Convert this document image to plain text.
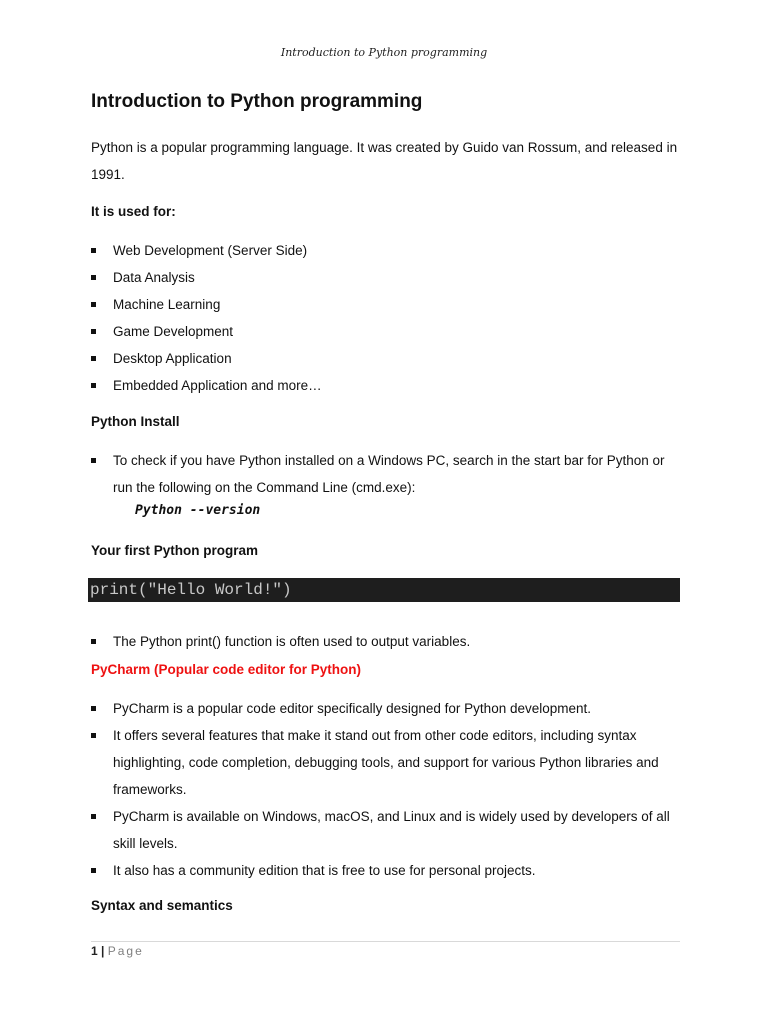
Introduction to Python programming
Introduction to Python programming

Python is a popular programming language. It was created by Guido van Rossum, and released in 1991.

It is used for:

Web Development (Server Side)
Data Analysis
Machine Learning
Game Development
Desktop Application
Embedded Application and more…

Python Install

To check if you have Python installed on a Windows PC, search in the start bar for Python or run the following on the Command Line (cmd.exe):
Python --version

Your first Python program

print("Hello World!")
The Python print() function is often used to output variables.

PyCharm (Popular code editor for Python)

PyCharm is a popular code editor specifically designed for Python development.
It offers several features that make it stand out from other code editors, including syntax highlighting, code completion, debugging tools, and support for various Python libraries and frameworks.
PyCharm is available on Windows, macOS, and Linux and is widely used by developers of all skill levels.
It also has a community edition that is free to use for personal projects.

Syntax and semantics

1 | Page
